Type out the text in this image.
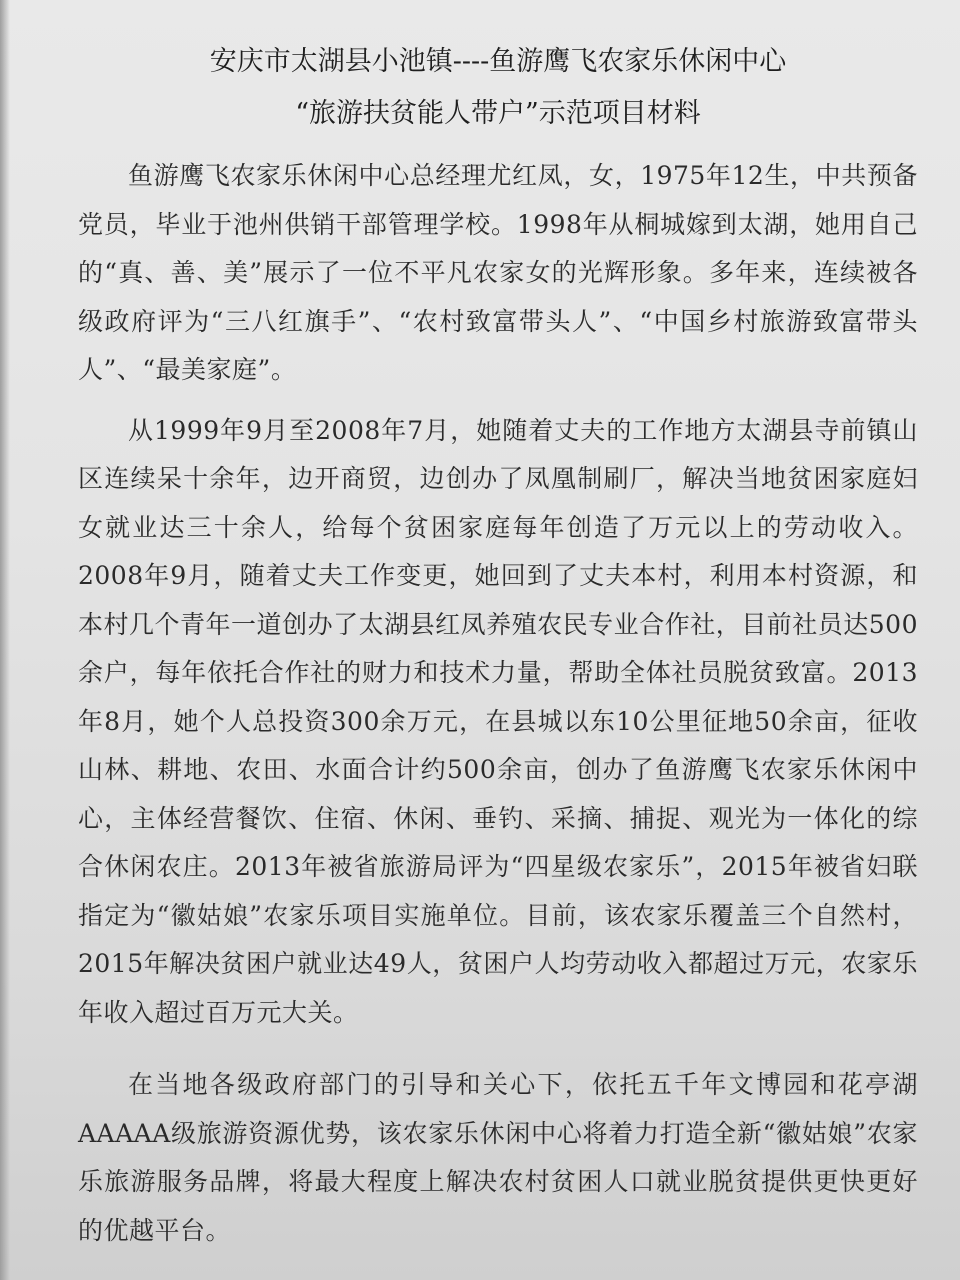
安庆市太湖县小池镇----鱼游鹰飞农家乐休闲中心
“旅游扶贫能人带户”示范项目材料

鱼游鹰飞农家乐休闲中心总经理尤红凤，女，1975年12生，中共预备党员，毕业于池州供销干部管理学校。1998年从桐城嫁到太湖，她用自己的“真、善、美”展示了一位不平凡农家女的光辉形象。多年来，连续被各级政府评为“三八红旗手”、“农村致富带头人”、“中国乡村旅游致富带头人”、“最美家庭”。

从1999年9月至2008年7月，她随着丈夫的工作地方太湖县寺前镇山区连续呆十余年，边开商贸，边创办了凤凰制刷厂，解决当地贫困家庭妇女就业达三十余人，给每个贫困家庭每年创造了万元以上的劳动收入。2008年9月，随着丈夫工作变更，她回到了丈夫本村，利用本村资源，和本村几个青年一道创办了太湖县红凤养殖农民专业合作社，目前社员达500余户，每年依托合作社的财力和技术力量，帮助全体社员脱贫致富。2013年8月，她个人总投资300余万元，在县城以东10公里征地50余亩，征收山林、耕地、农田、水面合计约500余亩，创办了鱼游鹰飞农家乐休闲中心，主体经营餐饮、住宿、休闲、垂钓、采摘、捕捉、观光为一体化的综合休闲农庄。2013年被省旅游局评为“四星级农家乐”，2015年被省妇联指定为“徽姑娘”农家乐项目实施单位。目前，该农家乐覆盖三个自然村，2015年解决贫困户就业达49人，贫困户人均劳动收入都超过万元，农家乐年收入超过百万元大关。

在当地各级政府部门的引导和关心下，依托五千年文博园和花亭湖AAAAA级旅游资源优势，该农家乐休闲中心将着力打造全新“徽姑娘”农家乐旅游服务品牌，将最大程度上解决农村贫困人口就业脱贫提供更快更好的优越平台。
